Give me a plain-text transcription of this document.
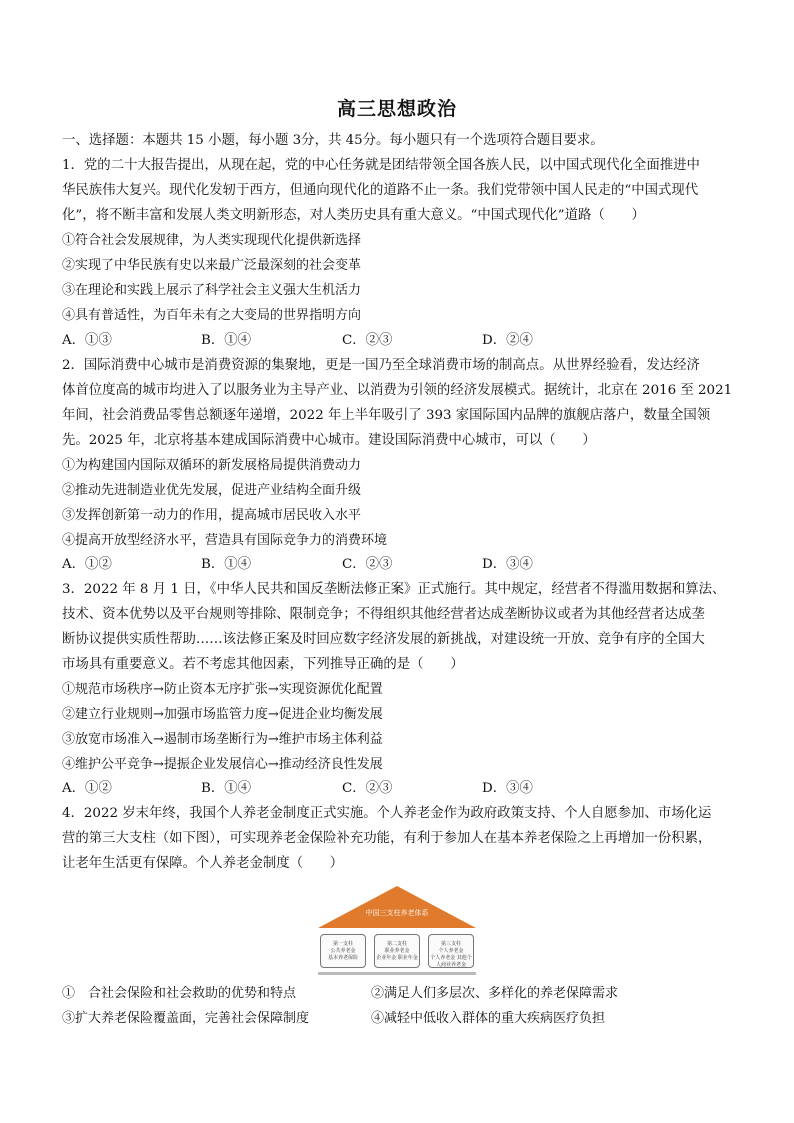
高三思想政治
一、选择题：本题共 15 小题，每小题 3分，共 45分。每小题只有一个选项符合题目要求。
1．党的二十大报告提出，从现在起，党的中心任务就是团结带领全国各族人民，以中国式现代化全面推进中
华民族伟大复兴。现代化发轫于西方，但通向现代化的道路不止一条。我们党带领中国人民走的“中国式现代
化”，将不断丰富和发展人类文明新形态，对人类历史具有重大意义。“中国式现代化”道路（　　）
①符合社会发展规律，为人类实现现代化提供新选择
②实现了中华民族有史以来最广泛最深刻的社会变革
③在理论和实践上展示了科学社会主义强大生机活力
④具有普适性，为百年未有之大变局的世界指明方向
A．①③	B．①④	C．②③	D．②④
2．国际消费中心城市是消费资源的集聚地，更是一国乃至全球消费市场的制高点。从世界经验看，发达经济
体首位度高的城市均进入了以服务业为主导产业、以消费为引领的经济发展模式。据统计，北京在 2016 至 2021
年间，社会消费品零售总额逐年递增，2022 年上半年吸引了 393 家国际国内品牌的旗舰店落户，数量全国领
先。2025 年，北京将基本建成国际消费中心城市。建设国际消费中心城市，可以（　　）
①为构建国内国际双循环的新发展格局提供消费动力
②推动先进制造业优先发展，促进产业结构全面升级
③发挥创新第一动力的作用，提高城市居民收入水平
④提高开放型经济水平，营造具有国际竞争力的消费环境
A．①②	B．①④	C．②③	D．③④
3．2022 年 8 月 1 日，《中华人民共和国反垄断法修正案》正式施行。其中规定，经营者不得滥用数据和算法、
技术、资本优势以及平台规则等排除、限制竞争；不得组织其他经营者达成垄断协议或者为其他经营者达成垄
断协议提供实质性帮助……该法修正案及时回应数字经济发展的新挑战，对建设统一开放、竞争有序的全国大
市场具有重要意义。若不考虑其他因素，下列推导正确的是（　　）
①规范市场秩序→防止资本无序扩张→实现资源优化配置
②建立行业规则→加强市场监管力度→促进企业均衡发展
③放宽市场准入→遏制市场垄断行为→维护市场主体利益
④维护公平竞争→提振企业发展信心→推动经济良性发展
A．①②	B．①④	C．②③	D．③④
4．2022 岁末年终，我国个人养老金制度正式实施。个人养老金作为政府政策支持、个人自愿参加、市场化运
营的第三大支柱（如下图），可实现养老金保险补充功能，有利于参加人在基本养老保险之上再增加一份积累，
让老年生活更有保障。个人养老金制度（　　）
中国三支柱养老体系
第一支柱
公共养老金
基本养老保险
第二支柱
职业养老金
企业年金 职业年金
第三支柱
个人养老金
个人养老金 其他个人商业养老金
①　合社会保险和社会救助的优势和特点	②满足人们多层次、多样化的养老保障需求
③扩大养老保险覆盖面，完善社会保障制度	④减轻中低收入群体的重大疾病医疗负担
